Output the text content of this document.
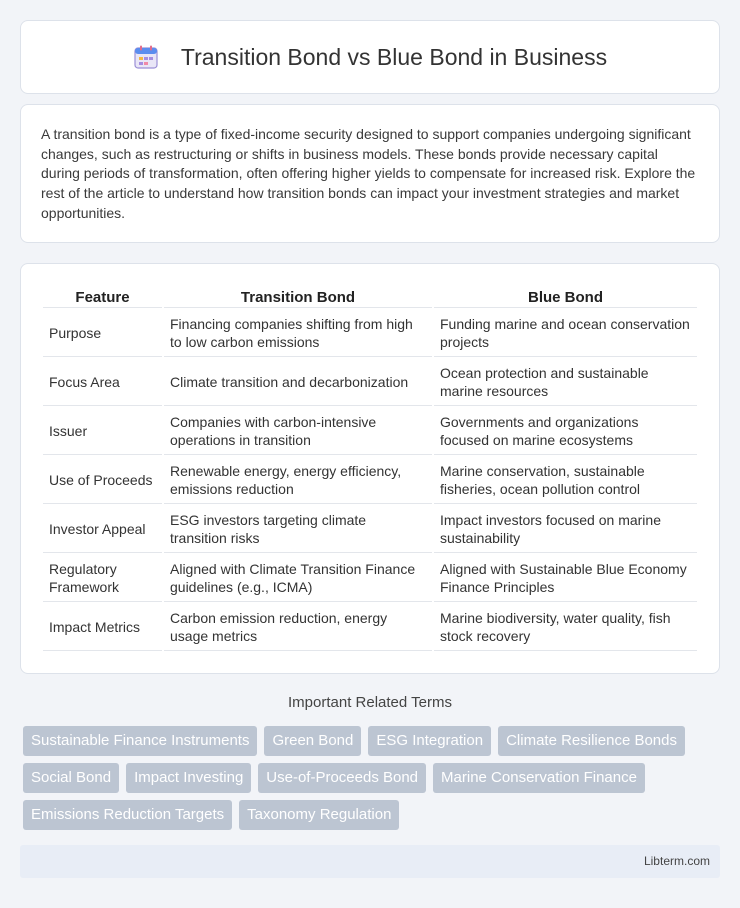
Transition Bond vs Blue Bond in Business

A transition bond is a type of fixed-income security designed to support companies undergoing significant changes, such as restructuring or shifts in business models. These bonds provide necessary capital during periods of transformation, often offering higher yields to compensate for increased risk. Explore the rest of the article to understand how transition bonds can impact your investment strategies and market opportunities.

Feature	Transition Bond	Blue Bond
Purpose	Financing companies shifting from high to low carbon emissions	Funding marine and ocean conservation projects
Focus Area	Climate transition and decarbonization	Ocean protection and sustainable marine resources
Issuer	Companies with carbon-intensive operations in transition	Governments and organizations focused on marine ecosystems
Use of Proceeds	Renewable energy, energy efficiency, emissions reduction	Marine conservation, sustainable fisheries, ocean pollution control
Investor Appeal	ESG investors targeting climate transition risks	Impact investors focused on marine sustainability
Regulatory Framework	Aligned with Climate Transition Finance guidelines (e.g., ICMA)	Aligned with Sustainable Blue Economy Finance Principles
Impact Metrics	Carbon emission reduction, energy usage metrics	Marine biodiversity, water quality, fish stock recovery
Important Related Terms
Sustainable Finance Instruments	Green Bond	ESG Integration	Climate Resilience Bonds
Social Bond	Impact Investing	Use-of-Proceeds Bond	Marine Conservation Finance
Emissions Reduction Targets	Taxonomy Regulation
Libterm.com
